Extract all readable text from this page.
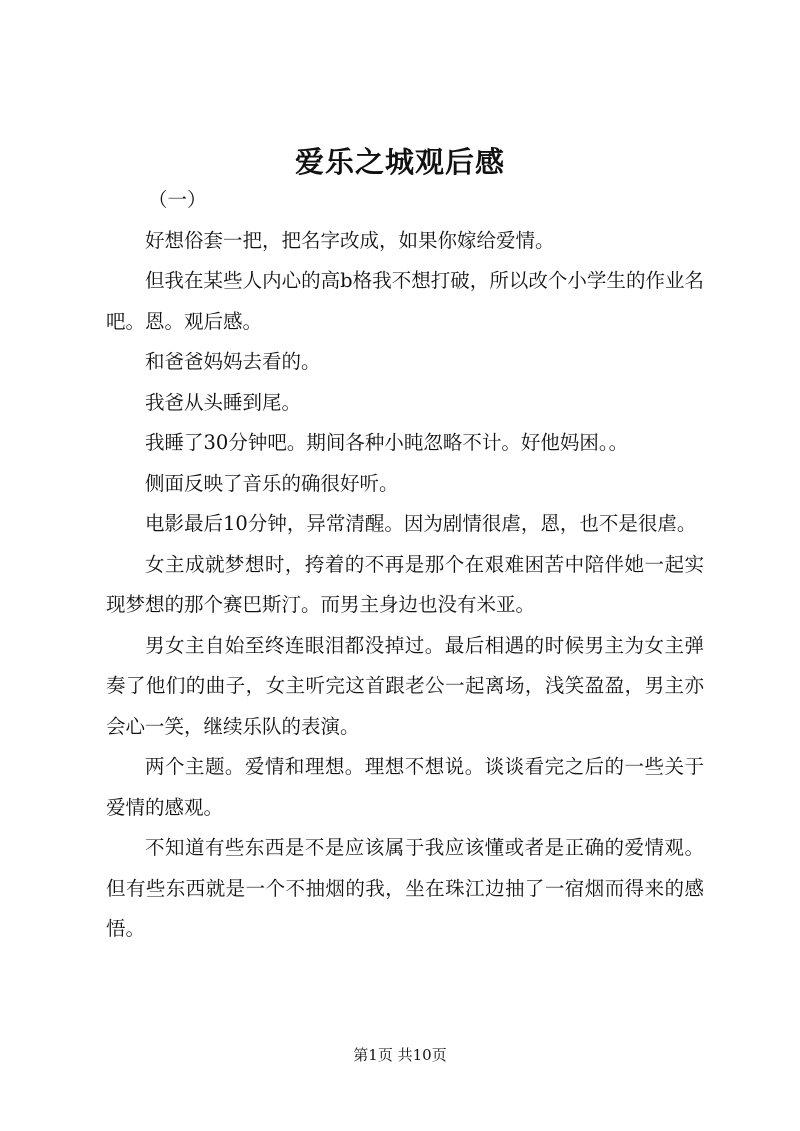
爱乐之城观后感

（一）

好想俗套一把，把名字改成，如果你嫁给爱情。

但我在某些人内心的高b格我不想打破，所以改个小学生的作业名吧。恩。观后感。

和爸爸妈妈去看的。

我爸从头睡到尾。

我睡了30分钟吧。期间各种小盹忽略不计。好他妈困。。

侧面反映了音乐的确很好听。

电影最后10分钟，异常清醒。因为剧情很虐，恩，也不是很虐。

女主成就梦想时，挎着的不再是那个在艰难困苦中陪伴她一起实现梦想的那个赛巴斯汀。而男主身边也没有米亚。

男女主自始至终连眼泪都没掉过。最后相遇的时候男主为女主弹奏了他们的曲子，女主听完这首跟老公一起离场，浅笑盈盈，男主亦会心一笑，继续乐队的表演。

两个主题。爱情和理想。理想不想说。谈谈看完之后的一些关于爱情的感观。

不知道有些东西是不是应该属于我应该懂或者是正确的爱情观。但有些东西就是一个不抽烟的我，坐在珠江边抽了一宿烟而得来的感悟。

第1页 共10页
